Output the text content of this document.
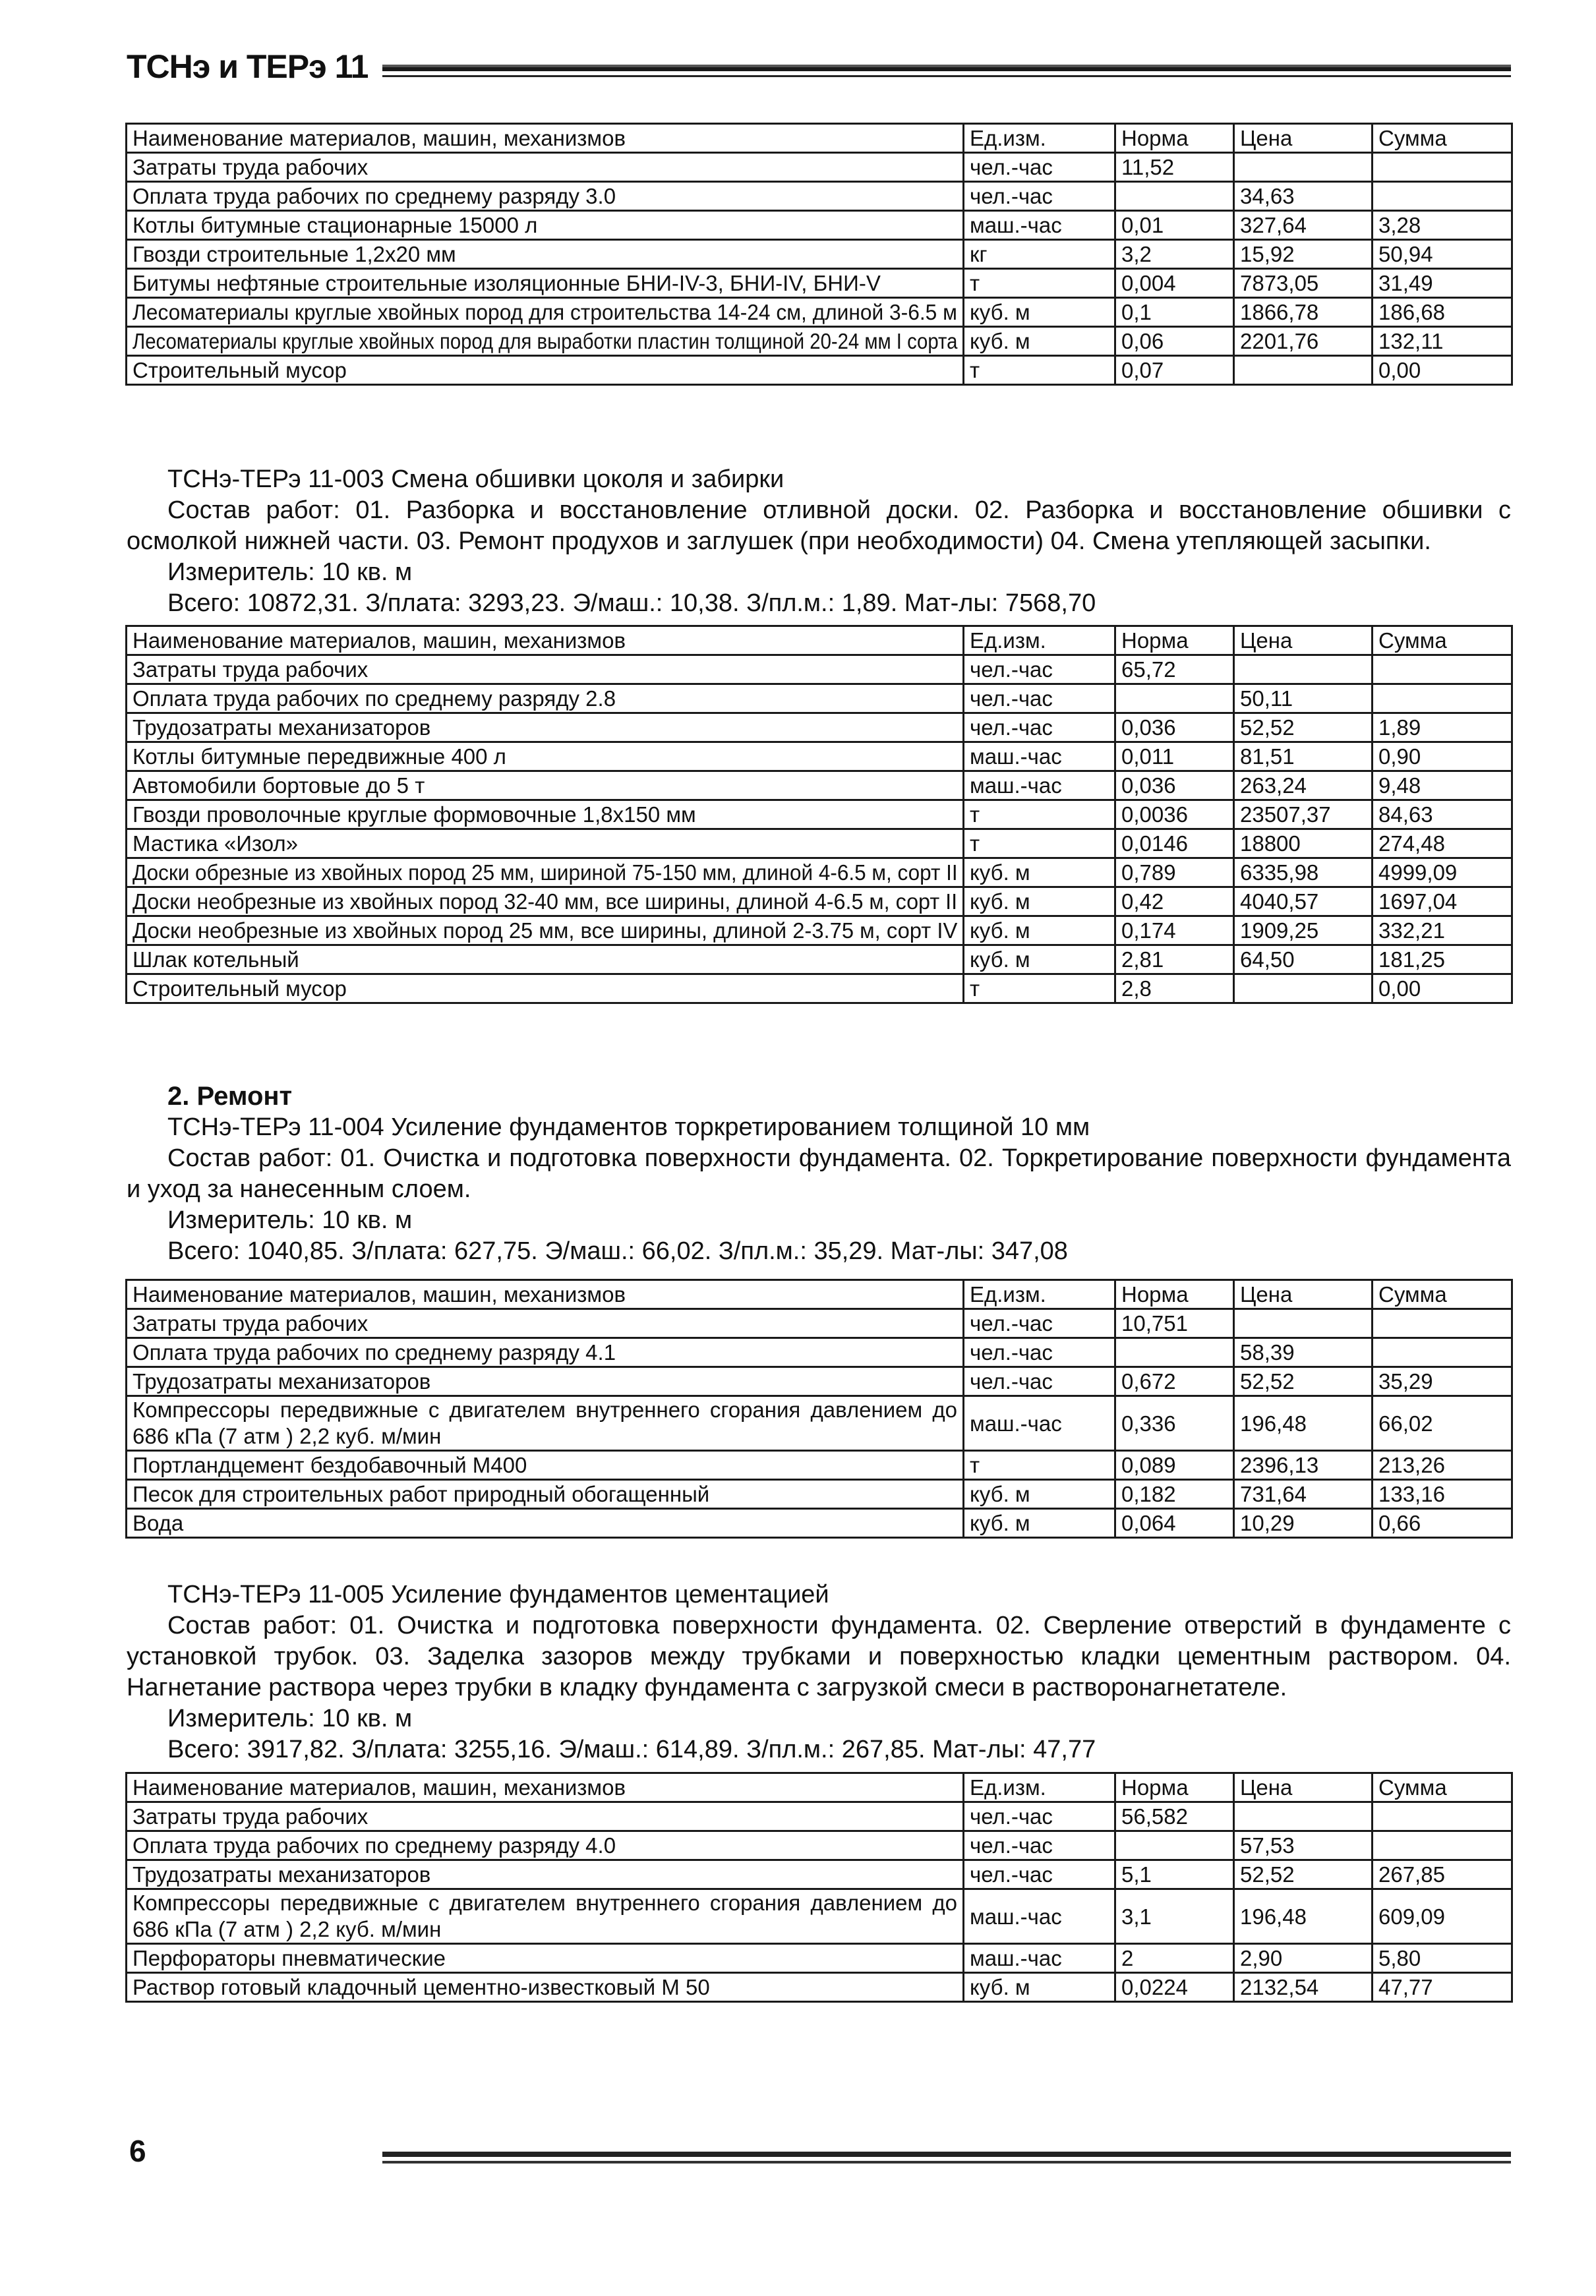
ТСНэ и ТЕРэ 11
Наименование материалов, машин, механизмов	Ед.изм.	Норма	Цена	Сумма
Затраты труда рабочих	чел.-час	11,52		
Оплата труда рабочих по среднему разряду 3.0	чел.-час		34,63	
Котлы битумные стационарные 15000 л	маш.-час	0,01	327,64	3,28
Гвозди строительные 1,2х20 мм	кг	3,2	15,92	50,94
Битумы нефтяные строительные изоляционные БНИ-IV-3, БНИ-IV, БНИ-V	т	0,004	7873,05	31,49
Лесоматериалы круглые хвойных пород для строительства 14-24 см, длиной 3-6.5 м	куб. м	0,1	1866,78	186,68
Лесоматериалы круглые хвойных пород для выработки пластин толщиной 20-24 мм I сорта	куб. м	0,06	2201,76	132,11
Строительный мусор	т	0,07		0,00

ТСНэ-ТЕРэ 11-003 Смена обшивки цоколя и забирки

Состав работ: 01. Разборка и восстановление отливной доски. 02. Разборка и восстановление обшивки с осмолкой нижней части. 03. Ремонт продухов и заглушек (при необходимости) 04. Смена утепляющей засыпки.

Измеритель: 10 кв. м

Всего: 10872,31. З/плата: 3293,23. Э/маш.: 10,38. З/пл.м.: 1,89. Мат-лы: 7568,70

Наименование материалов, машин, механизмов	Ед.изм.	Норма	Цена	Сумма
Затраты труда рабочих	чел.-час	65,72		
Оплата труда рабочих по среднему разряду 2.8	чел.-час		50,11	
Трудозатраты механизаторов	чел.-час	0,036	52,52	1,89
Котлы битумные передвижные 400 л	маш.-час	0,011	81,51	0,90
Автомобили бортовые до 5 т	маш.-час	0,036	263,24	9,48
Гвозди проволочные круглые формовочные 1,8х150 мм	т	0,0036	23507,37	84,63
Мастика «Изол»	т	0,0146	18800	274,48
Доски обрезные из хвойных пород 25 мм, шириной 75-150 мм, длиной 4-6.5 м, сорт II	куб. м	0,789	6335,98	4999,09
Доски необрезные из хвойных пород 32-40 мм, все ширины, длиной 4-6.5 м, сорт II	куб. м	0,42	4040,57	1697,04
Доски необрезные из хвойных пород 25 мм, все ширины, длиной 2-3.75 м, сорт IV	куб. м	0,174	1909,25	332,21
Шлак котельный	куб. м	2,81	64,50	181,25
Строительный мусор	т	2,8		0,00

2. Ремонт

ТСНэ-ТЕРэ 11-004 Усиление фундаментов торкретированием толщиной 10 мм

Состав работ: 01. Очистка и подготовка поверхности фундамента. 02. Торкретирование поверхности фундамента и уход за нанесенным слоем.

Измеритель: 10 кв. м

Всего: 1040,85. З/плата: 627,75. Э/маш.: 66,02. З/пл.м.: 35,29. Мат-лы: 347,08

Наименование материалов, машин, механизмов	Ед.изм.	Норма	Цена	Сумма
Затраты труда рабочих	чел.-час	10,751		
Оплата труда рабочих по среднему разряду 4.1	чел.-час		58,39	
Трудозатраты механизаторов	чел.-час	0,672	52,52	35,29

Компрессоры передвижные с двигателем внутреннего сгорания давлением до 686 кПа (7 атм ) 2,2 куб. м/мин	маш.-час	0,336	196,48	66,02
Портландцемент бездобавочный М400	т	0,089	2396,13	213,26
Песок для строительных работ природный обогащенный	куб. м	0,182	731,64	133,16
Вода	куб. м	0,064	10,29	0,66

ТСНэ-ТЕРэ 11-005 Усиление фундаментов цементацией

Состав работ: 01. Очистка и подготовка поверхности фундамента. 02. Сверление отверстий в фундаменте с установкой трубок. 03. Заделка зазоров между трубками и поверхностью кладки цементным раствором. 04. Нагнетание раствора через трубки в кладку фундамента с загрузкой смеси в растворонагнетателе.

Измеритель: 10 кв. м

Всего: 3917,82. З/плата: 3255,16. Э/маш.: 614,89. З/пл.м.: 267,85. Мат-лы: 47,77

Наименование материалов, машин, механизмов	Ед.изм.	Норма	Цена	Сумма
Затраты труда рабочих	чел.-час	56,582		
Оплата труда рабочих по среднему разряду 4.0	чел.-час		57,53	
Трудозатраты механизаторов	чел.-час	5,1	52,52	267,85

Компрессоры передвижные с двигателем внутреннего сгорания давлением до 686 кПа (7 атм ) 2,2 куб. м/мин	маш.-час	3,1	196,48	609,09
Перфораторы пневматические	маш.-час	2	2,90	5,80
Раствор готовый кладочный цементно-известковый М 50	куб. м	0,0224	2132,54	47,77
6
